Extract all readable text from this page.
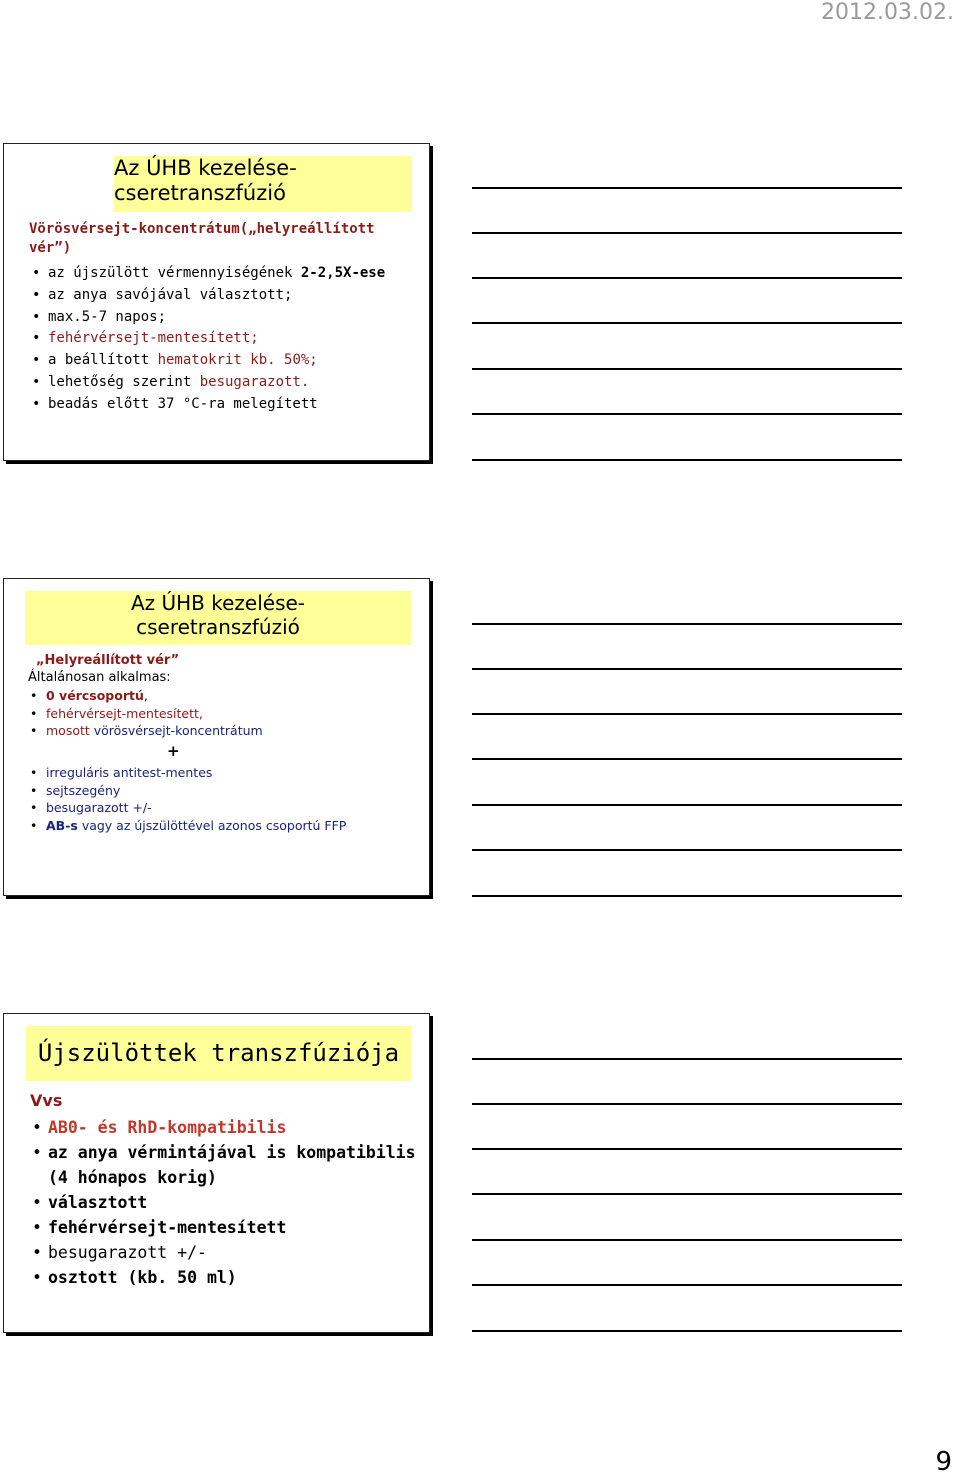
2012.03.02.
Az ÚHB kezelése-
cseretranszfúzió
Vörösvérsejt-koncentrátum(„helyreállított
vér”)
• az újszülött vérmennyiségének 2-2,5X-ese
• az anya savójával választott;
• max.5-7 napos;
• fehérvérsejt-mentesített;
• a beállított hematokrit kb. 50%;
• lehetőség szerint besugarazott.
• beadás előtt 37 °C-ra melegített
Az ÚHB kezelése-
cseretranszfúzió
„Helyreállított vér”
Általánosan alkalmas:
• 0 vércsoportú,
• fehérvérsejt-mentesített,
• mosott vörösvérsejt-koncentrátum
+
• irreguláris antitest-mentes
• sejtszegény
• besugarazott +/-
• AB-s vagy az újszülöttével azonos csoportú FFP
Újszülöttek transzfúziója
Vvs
• AB0- és RhD-kompatibilis
• az anya vérmintájával is kompatibilis
(4 hónapos korig)
• választott
• fehérvérsejt-mentesített
• besugarazott +/-
• osztott (kb. 50 ml)
9
